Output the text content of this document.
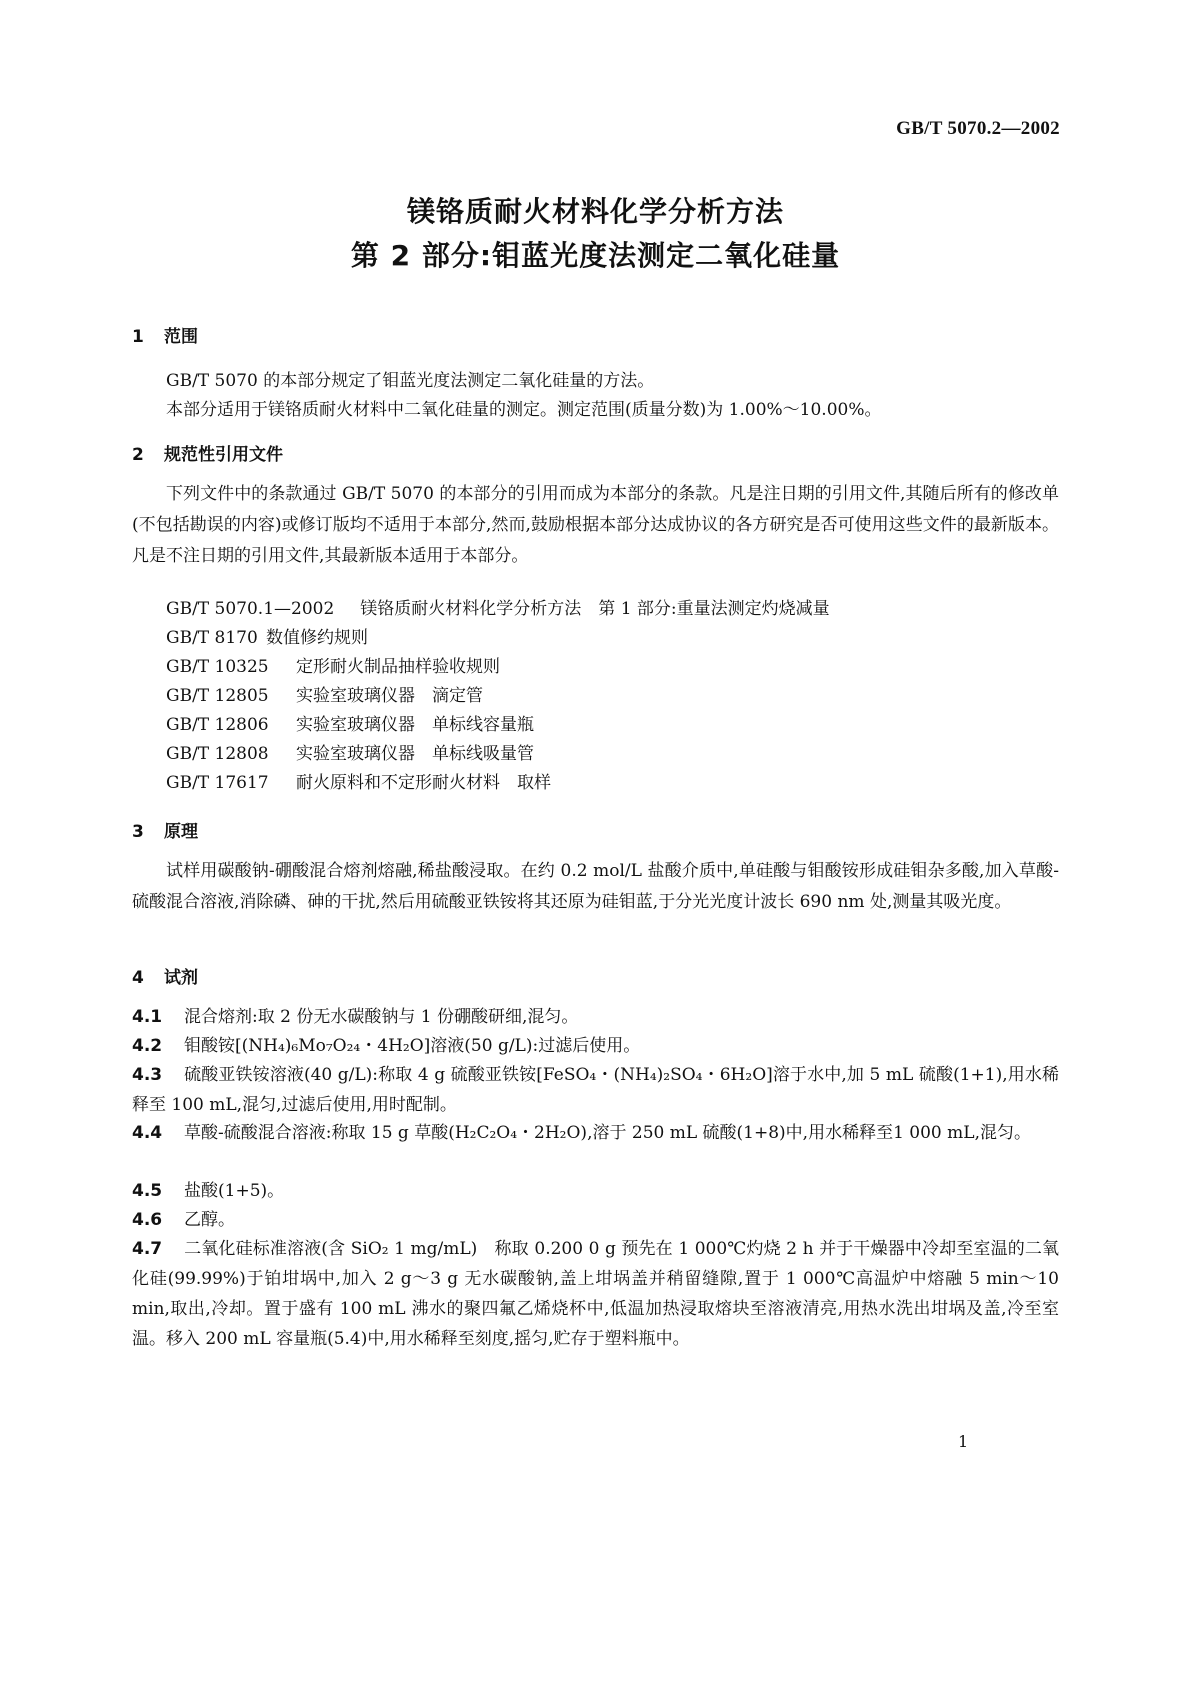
GB/T 5070.2—2002
镁铬质耐火材料化学分析方法
第 2 部分:钼蓝光度法测定二氧化硅量
1 范围
GB/T 5070 的本部分规定了钼蓝光度法测定二氧化硅量的方法。
本部分适用于镁铬质耐火材料中二氧化硅量的测定。测定范围(质量分数)为 1.00%～10.00%。
2 规范性引用文件
下列文件中的条款通过 GB/T 5070 的本部分的引用而成为本部分的条款。凡是注日期的引用文件,其随后所有的修改单(不包括勘误的内容)或修订版均不适用于本部分,然而,鼓励根据本部分达成协议的各方研究是否可使用这些文件的最新版本。凡是不注日期的引用文件,其最新版本适用于本部分。
GB/T 5070.1—2002 镁铬质耐火材料化学分析方法　第 1 部分:重量法测定灼烧减量
GB/T 8170 数值修约规则
GB/T 10325 定形耐火制品抽样验收规则
GB/T 12805 实验室玻璃仪器　滴定管
GB/T 12806 实验室玻璃仪器　单标线容量瓶
GB/T 12808 实验室玻璃仪器　单标线吸量管
GB/T 17617 耐火原料和不定形耐火材料　取样
3 原理
试样用碳酸钠-硼酸混合熔剂熔融,稀盐酸浸取。在约 0.2 mol/L 盐酸介质中,单硅酸与钼酸铵形成硅钼杂多酸,加入草酸-硫酸混合溶液,消除磷、砷的干扰,然后用硫酸亚铁铵将其还原为硅钼蓝,于分光光度计波长 690 nm 处,测量其吸光度。
4 试剂
4.1 混合熔剂:取 2 份无水碳酸钠与 1 份硼酸研细,混匀。
4.2 钼酸铵[(NH₄)₆Mo₇O₂₄・4H₂O]溶液(50 g/L):过滤后使用。
4.3 硫酸亚铁铵溶液(40 g/L):称取 4 g 硫酸亚铁铵[FeSO₄・(NH₄)₂SO₄・6H₂O]溶于水中,加 5 mL 硫酸(1+1),用水稀释至 100 mL,混匀,过滤后使用,用时配制。
4.4 草酸-硫酸混合溶液:称取 15 g 草酸(H₂C₂O₄・2H₂O),溶于 250 mL 硫酸(1+8)中,用水稀释至1 000 mL,混匀。
4.5 盐酸(1+5)。
4.6 乙醇。
4.7 二氧化硅标准溶液(含 SiO₂ 1 mg/mL)　称取 0.200 0 g 预先在 1 000℃灼烧 2 h 并于干燥器中冷却至室温的二氧化硅(99.99%)于铂坩埚中,加入 2 g～3 g 无水碳酸钠,盖上坩埚盖并稍留缝隙,置于 1 000℃高温炉中熔融 5 min～10 min,取出,冷却。置于盛有 100 mL 沸水的聚四氟乙烯烧杯中,低温加热浸取熔块至溶液清亮,用热水洗出坩埚及盖,冷至室温。移入 200 mL 容量瓶(5.4)中,用水稀释至刻度,摇匀,贮存于塑料瓶中。
1
